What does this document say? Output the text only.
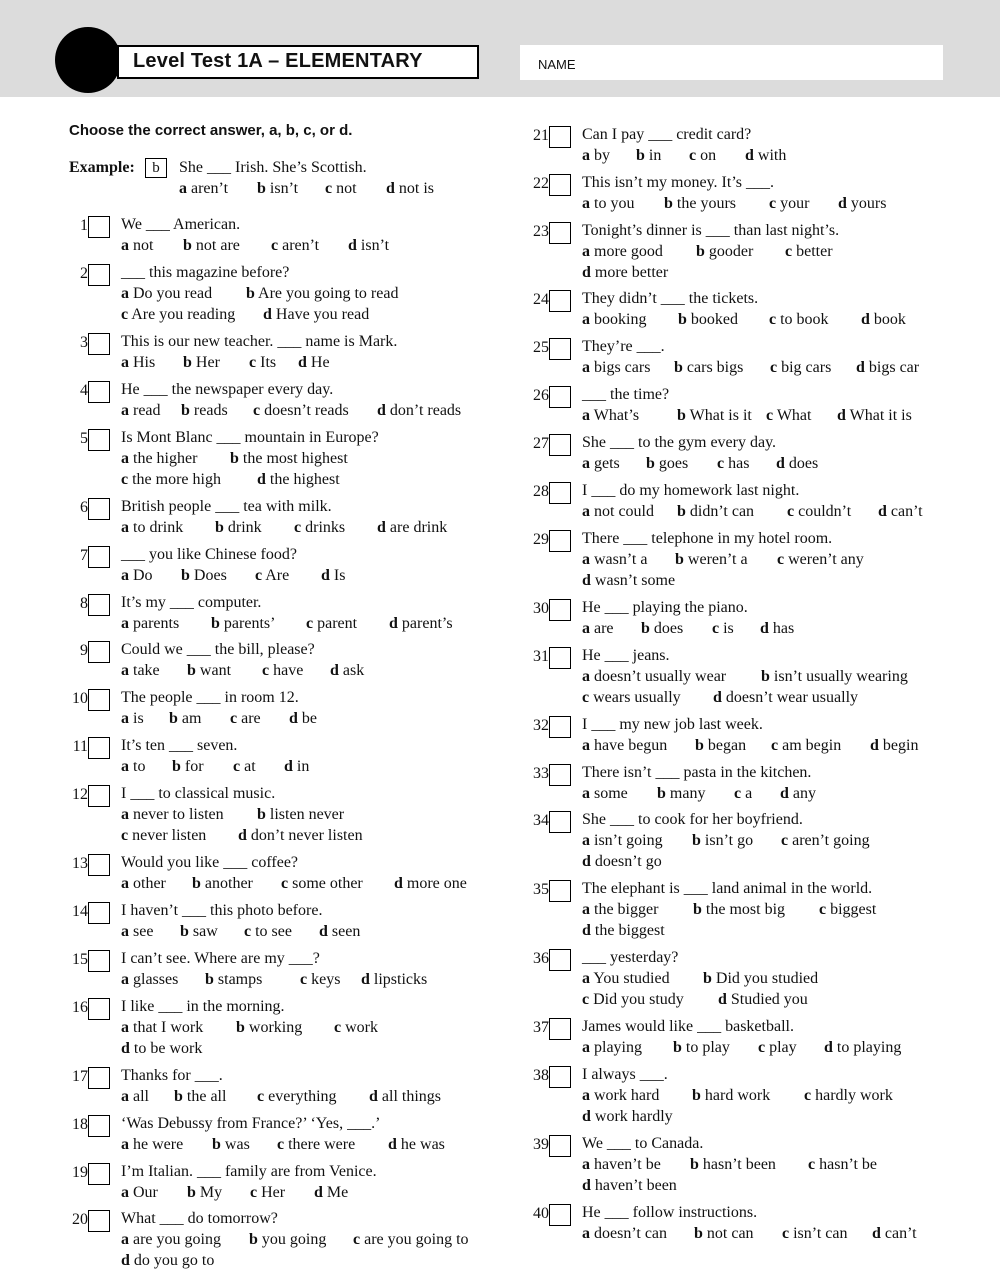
Level Test 1A – ELEMENTARY	NAME
Choose the correct answer, a, b, c, or d.
Example:	b	She ___ Irish. She’s Scottish.
a aren’t b isn’t c not d not is
1 We ___ American.
a not b not are c aren’t d isn’t
2 ___ this magazine before?
a Do you read b Are you going to read
c Are you reading d Have you read
3 This is our new teacher. ___ name is Mark.
a His b Her c Its d He
4 He ___ the newspaper every day.
a read b reads c doesn’t reads d don’t reads
5 Is Mont Blanc ___ mountain in Europe?
a the higher b the most highest
c the more high d the highest
6 British people ___ tea with milk.
a to drink b drink c drinks d are drink
7 ___ you like Chinese food?
a Do b Does c Are d Is
8 It’s my ___ computer.
a parents b parents’ c parent d parent’s
9 Could we ___ the bill, please?
a take b want c have d ask
10 The people ___ in room 12.
a is b am c are d be
11 It’s ten ___ seven.
a to b for c at d in
12 I ___ to classical music.
a never to listen b listen never
c never listen d don’t never listen
13 Would you like ___ coffee?
a other b another c some other d more one
14 I haven’t ___ this photo before.
a see b saw c to see d seen
15 I can’t see. Where are my ___?
a glasses b stamps c keys d lipsticks
16 I like ___ in the morning.
a that I work b working c work
d to be work
17 Thanks for ___.
a all b the all c everything d all things
18 ‘Was Debussy from France?’ ‘Yes, ___.’
a he were b was c there were d he was
19 I’m Italian. ___ family are from Venice.
a Our b My c Her d Me
20 What ___ do tomorrow?
a are you going b you going c are you going to
d do you go to
21 Can I pay ___ credit card?
a by b in c on d with
22 This isn’t my money. It’s ___.
a to you b the yours c your d yours
23 Tonight’s dinner is ___ than last night’s.
a more good b gooder c better
d more better
24 They didn’t ___ the tickets.
a booking b booked c to book d book
25 They’re ___.
a bigs cars b cars bigs c big cars d bigs car
26 ___ the time?
a What’s b What is it c What d What it is
27 She ___ to the gym every day.
a gets b goes c has d does
28 I ___ do my homework last night.
a not could b didn’t can c couldn’t d can’t
29 There ___ telephone in my hotel room.
a wasn’t a b weren’t a c weren’t any
d wasn’t some
30 He ___ playing the piano.
a are b does c is d has
31 He ___ jeans.
a doesn’t usually wear b isn’t usually wearing
c wears usually d doesn’t wear usually
32 I ___ my new job last week.
a have begun b began c am begin d begin
33 There isn’t ___ pasta in the kitchen.
a some b many c a d any
34 She ___ to cook for her boyfriend.
a isn’t going b isn’t go c aren’t going
d doesn’t go
35 The elephant is ___ land animal in the world.
a the bigger b the most big c biggest
d the biggest
36 ___ yesterday?
a You studied b Did you studied
c Did you study d Studied you
37 James would like ___ basketball.
a playing b to play c play d to playing
38 I always ___.
a work hard b hard work c hardly work
d work hardly
39 We ___ to Canada.
a haven’t be b hasn’t been c hasn’t be
d haven’t been
40 He ___ follow instructions.
a doesn’t can b not can c isn’t can d can’t
